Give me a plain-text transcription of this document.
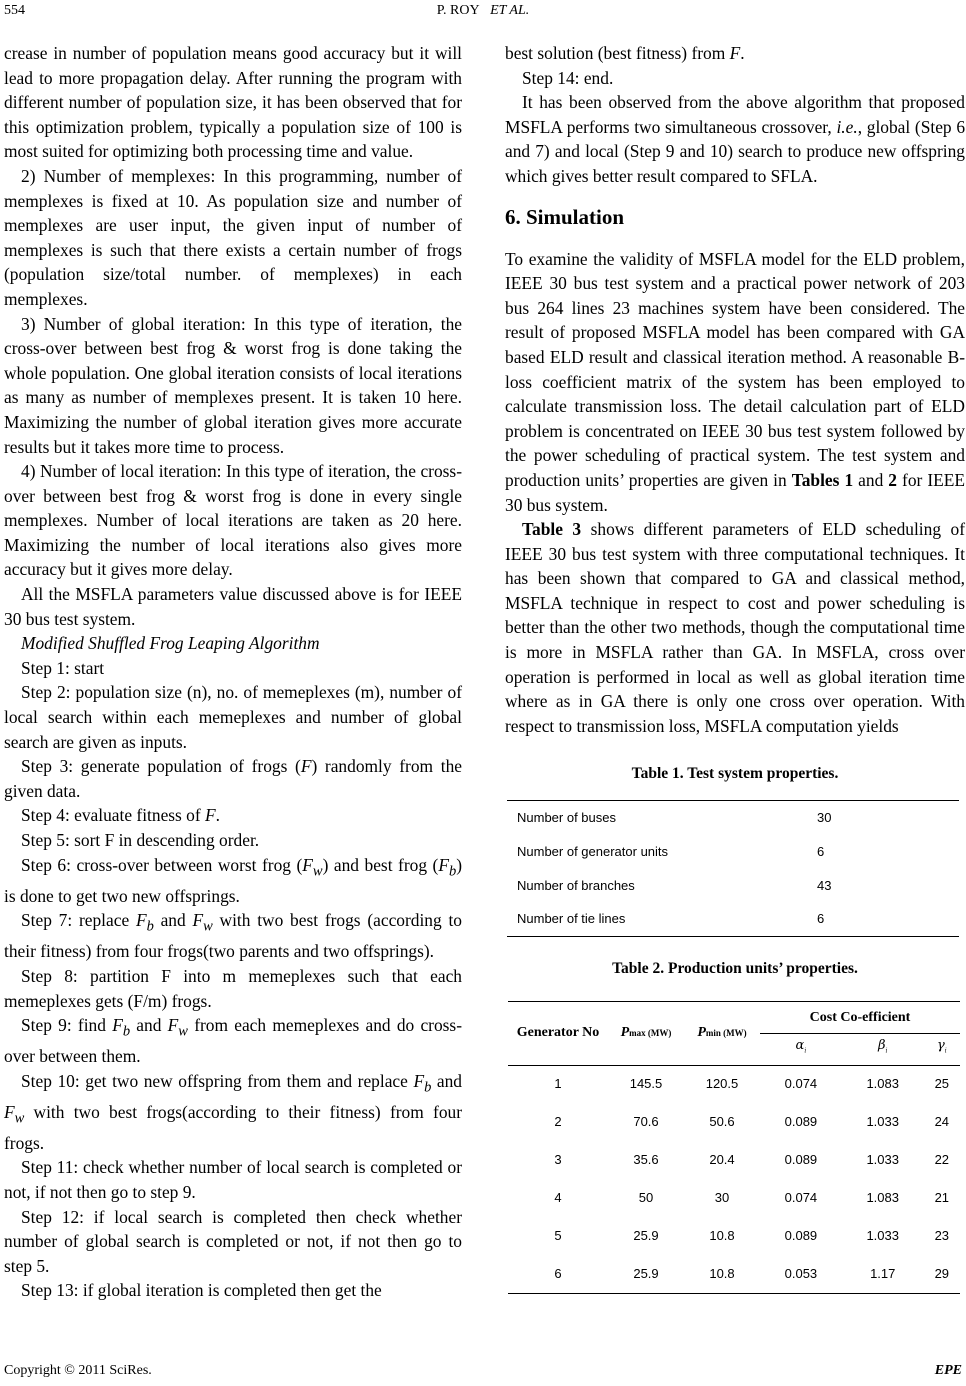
554	P. ROY ET AL.

crease in number of population means good accuracy but it will lead to more propagation delay. After running the program with different number of population size, it has been observed that for this optimization problem, typically a population size of 100 is most suited for optimizing both processing time and value.

2) Number of memplexes: In this programming, number of memplexes is fixed at 10. As population size and number of memplexes are user input, the given input of number of memplexes is such that there exists a certain number of frogs (population size/total number. of memplexes) in each memplexes.

3) Number of global iteration: In this type of iteration, the cross-over between best frog & worst frog is done taking the whole population. One global iteration consists of local iterations as many as number of memplexes present. It is taken 10 here. Maximizing the number of global iteration gives more accurate results but it takes more time to process.

4) Number of local iteration: In this type of iteration, the cross-over between best frog & worst frog is done in every single memplexes. Number of local iterations are taken as 20 here. Maximizing the number of local iterations also gives more accuracy but it gives more delay.

All the MSFLA parameters value discussed above is for IEEE 30 bus test system.

Modified Shuffled Frog Leaping Algorithm

Step 1: start

Step 2: population size (n), no. of memeplexes (m), number of local search within each memeplexes and number of global search are given as inputs.

Step 3: generate population of frogs (F) randomly from the given data.

Step 4: evaluate fitness of F.

Step 5: sort F in descending order.

Step 6: cross-over between worst frog $(F_w)$ and best frog $(F_b)$ is done to get two new offsprings.

Step 7: replace $F_b$ and $F_w$ with two best frogs (according to their fitness) from four frogs(two parents and two offsprings).

Step 8: partition F into m memeplexes such that each memeplexes gets (F/m) frogs.

Step 9: find $F_b$ and $F_w$ from each memeplexes and do cross-over between them.

Step 10: get two new offspring from them and replace $F_b$ and $F_w$ with two best frogs(according to their fitness) from four frogs.

Step 11: check whether number of local search is completed or not, if not then go to step 9.

Step 12: if local search is completed then check whether number of global search is completed or not, if not then go to step 5.

Step 13: if global iteration is completed then get the

best solution (best fitness) from F.

Step 14: end.

It has been observed from the above algorithm that proposed MSFLA performs two simultaneous crossover, i.e., global (Step 6 and 7) and local (Step 9 and 10) search to produce new offspring which gives better result compared to SFLA.

6. Simulation

To examine the validity of MSFLA model for the ELD problem, IEEE 30 bus test system and a practical power network of 203 bus 264 lines 23 machines system have been considered. The result of proposed MSFLA model has been compared with GA based ELD result and classical iteration method. A reasonable B-loss coefficient matrix of the system has been employed to calculate transmission loss. The detail calculation part of ELD problem is concentrated on IEEE 30 bus test system followed by the power scheduling of practical system. The test system and production units’ properties are given in Tables 1 and 2 for IEEE 30 bus system.

Table 3 shows different parameters of ELD scheduling of IEEE 30 bus test system with three computational techniques. It has been shown that compared to GA and classical method, MSFLA technique in respect to cost and power scheduling is better than the other two methods, though the computational time is more in MSFLA rather than GA. In MSFLA, cross over operation is performed in local as well as global iteration time where as in GA there is only one cross over operation. With respect to transmission loss, MSFLA computation yields

Table 1. Test system properties.
Number of buses	30
Number of generator units	6
Number of branches	43
Number of tie lines	6
Table 2. Production units’ properties.
Generator No	Pmax (MW)	Pmin (MW)	Cost Co-efficient		
			$\alpha_i$	$\beta_i$	$\gamma_i$
1	145.5	120.5	0.074	1.083	25
2	70.6	50.6	0.089	1.033	24
3	35.6	20.4	0.089	1.033	22
4	50	30	0.074	1.083	21
5	25.9	10.8	0.089	1.033	23
6	25.9	10.8	0.053	1.17	29
Copyright © 2011 SciRes.	EPE
